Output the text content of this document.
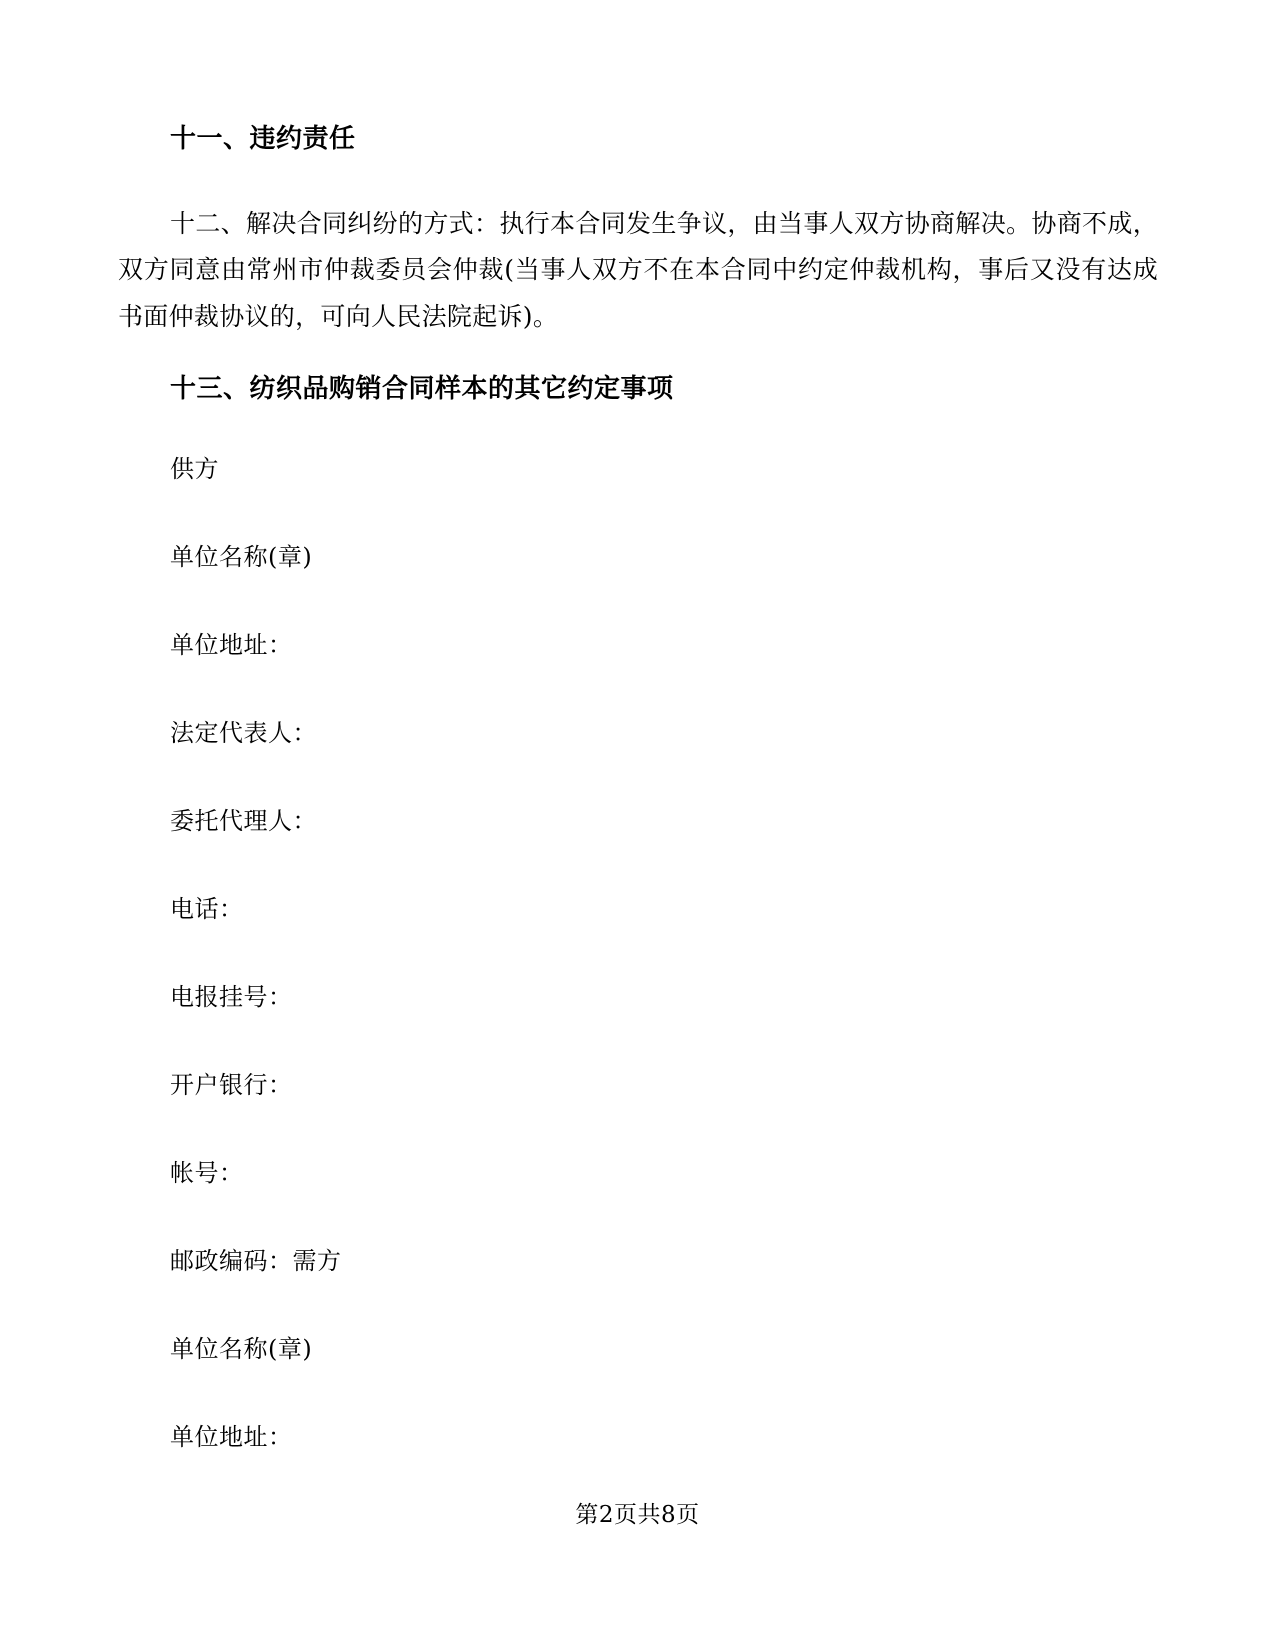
十一、违约责任
十二、解决合同纠纷的方式：执行本合同发生争议，由当事人双方协商解决。协商不成，双方同意由常州市仲裁委员会仲裁(当事人双方不在本合同中约定仲裁机构，事后又没有达成书面仲裁协议的，可向人民法院起诉)。
十三、纺织品购销合同样本的其它约定事项
供方
单位名称(章)
单位地址：
法定代表人：
委托代理人：
电话：
电报挂号：
开户银行：
帐号：
邮政编码：需方
单位名称(章)
单位地址：
第2页共8页
